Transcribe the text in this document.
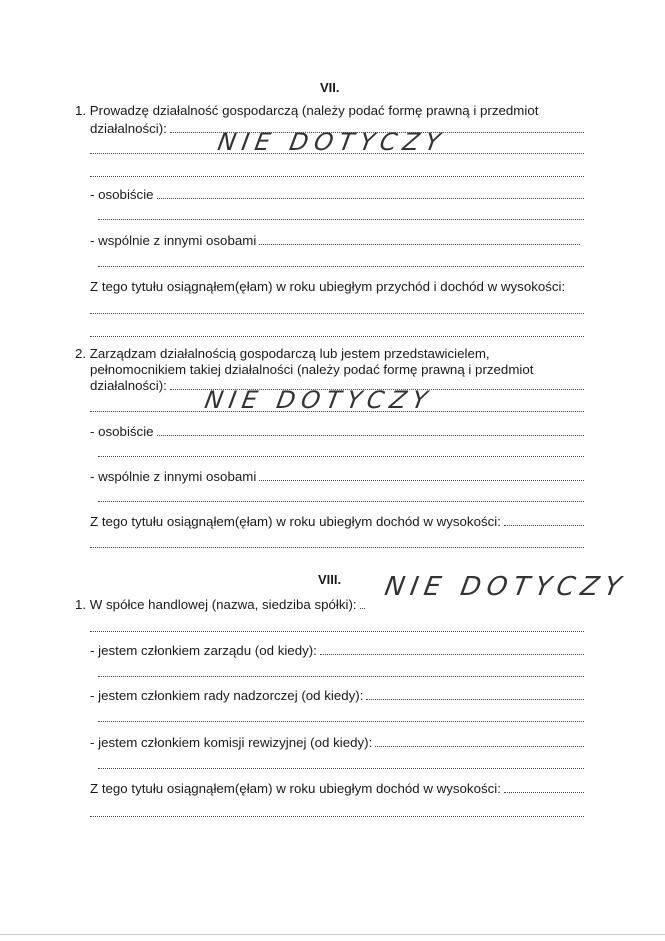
VII.
1. Prowadzę działalność gospodarczą (należy podać formę prawną i przedmiot
działalności): NIE DOTYCZY
- osobiście
- wspólnie z innymi osobami
Z tego tytułu osiągnąłem(ęłam) w roku ubiegłym przychód i dochód w wysokości:
2. Zarządzam działalnością gospodarczą lub jestem przedstawicielem,
pełnomocnikiem takiej działalności (należy podać formę prawną i przedmiot
działalności):
NIE DOTYCZY
- osobiście
- wspólnie z innymi osobami
Z tego tytułu osiągnąłem(ęłam) w roku ubiegłym dochód w wysokości:
VIII. NIE DOTYCZY
1. W spółce handlowej (nazwa, siedziba spółki):
- jestem członkiem zarządu (od kiedy):
- jestem członkiem rady nadzorczej (od kiedy):
- jestem członkiem komisji rewizyjnej (od kiedy):
Z tego tytułu osiągnąłem(ęłam) w roku ubiegłym dochód w wysokości:
